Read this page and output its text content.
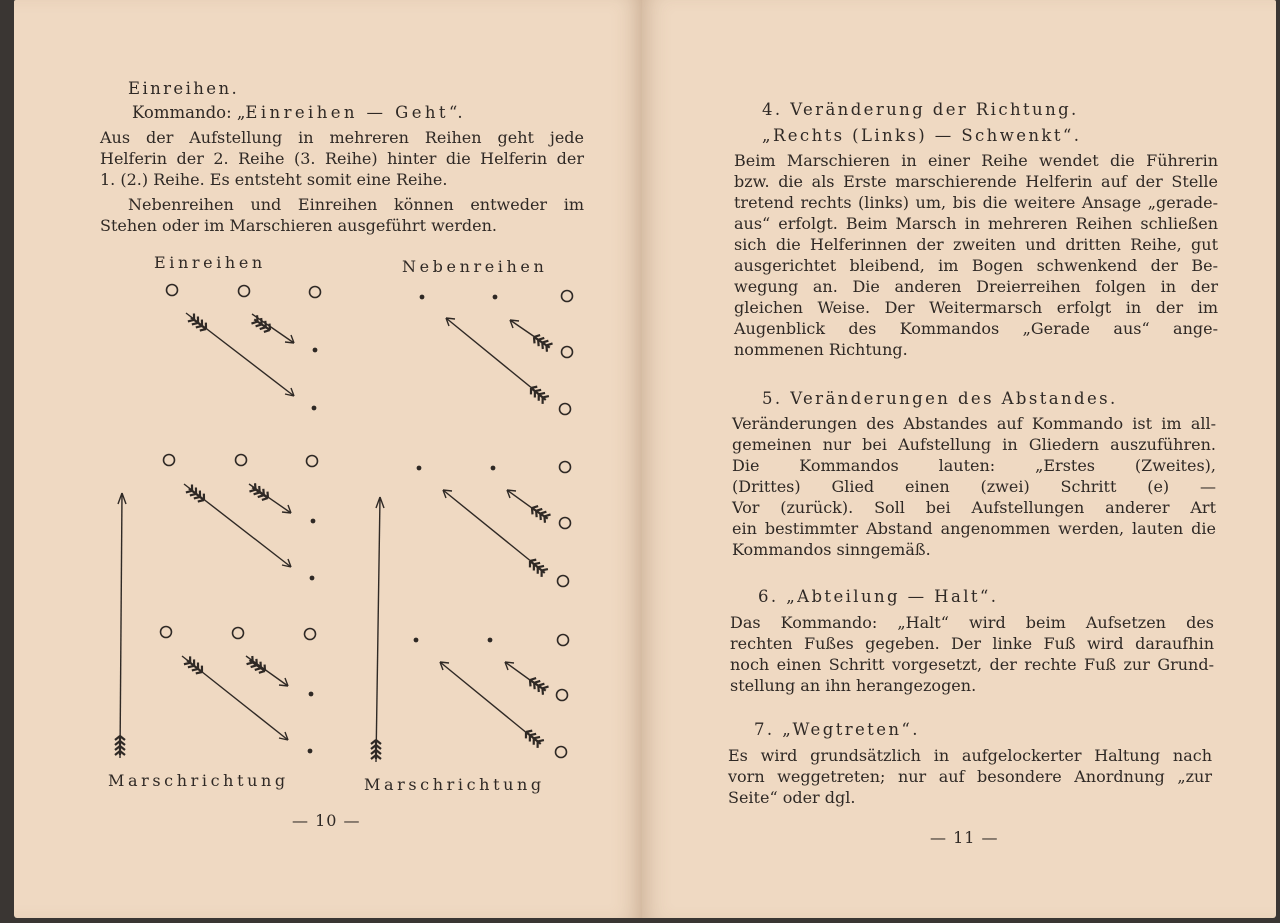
Einreihen.
Kommando: „Einreihen — Geht“.
Aus der Aufstellung in mehreren Reihen geht jede
Helferin der 2. Reihe (3. Reihe) hinter die Helferin der
1. (2.) Reihe. Es entsteht somit eine Reihe.
Nebenreihen und Einreihen können entweder im
Stehen oder im Marschieren ausgeführt werden.
Einreihen	Nebenreihen
Marschrichtung	Marschrichtung
— 10 —
4. Veränderung der Richtung.
„Rechts (Links) — Schwenkt“.
Beim Marschieren in einer Reihe wendet die Führerin
bzw. die als Erste marschierende Helferin auf der Stelle
tretend rechts (links) um, bis die weitere Ansage „gerade-
aus“ erfolgt. Beim Marsch in mehreren Reihen schließen
sich die Helferinnen der zweiten und dritten Reihe, gut
ausgerichtet bleibend, im Bogen schwenkend der Be-
wegung an. Die anderen Dreierreihen folgen in der
gleichen Weise. Der Weitermarsch erfolgt in der im
Augenblick des Kommandos „Gerade aus“ ange-
nommenen Richtung.
5. Veränderungen des Abstandes.
Veränderungen des Abstandes auf Kommando ist im all-
gemeinen nur bei Aufstellung in Gliedern auszuführen.
Die Kommandos lauten: „Erstes (Zweites),
(Drittes) Glied einen (zwei) Schritt (e) —
Vor (zurück). Soll bei Aufstellungen anderer Art
ein bestimmter Abstand angenommen werden, lauten die
Kommandos sinngemäß.
6. „Abteilung — Halt“.
Das Kommando: „Halt“ wird beim Aufsetzen des
rechten Fußes gegeben. Der linke Fuß wird daraufhin
noch einen Schritt vorgesetzt, der rechte Fuß zur Grund-
stellung an ihn herangezogen.
7. „Wegtreten“.
Es wird grundsätzlich in aufgelockerter Haltung nach
vorn weggetreten; nur auf besondere Anordnung „zur
Seite“ oder dgl.
— 11 —
